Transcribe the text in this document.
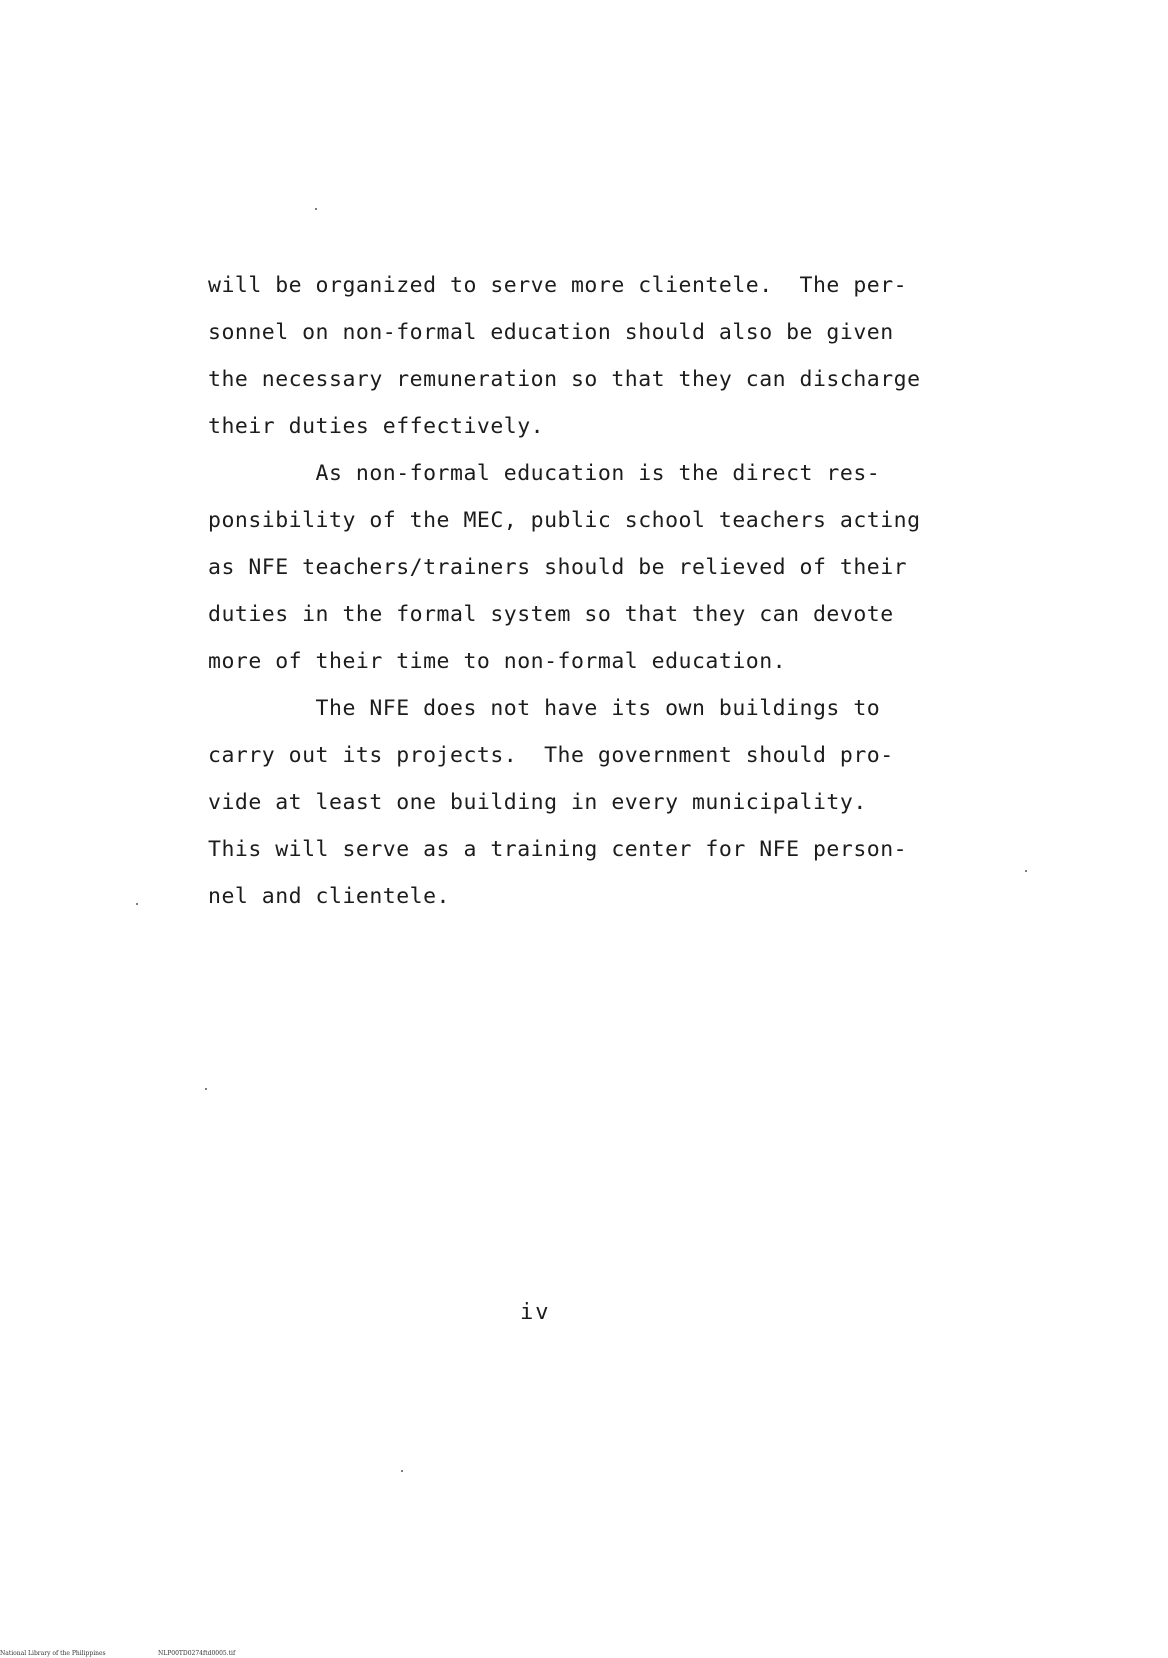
will be organized to serve more clientele.  The per-
sonnel on non-formal education should also be given
the necessary remuneration so that they can discharge
their duties effectively.
As non-formal education is the direct res-
ponsibility of the MEC, public school teachers acting
as NFE teachers/trainers should be relieved of their
duties in the formal system so that they can devote
more of their time to non-formal education.
The NFE does not have its own buildings to
carry out its projects.  The government should pro-
vide at least one building in every municipality.
This will serve as a training center for NFE person-
nel and clientele.
iv
National Library of the Philippines	NLP00TD0274ftd0005.tif
